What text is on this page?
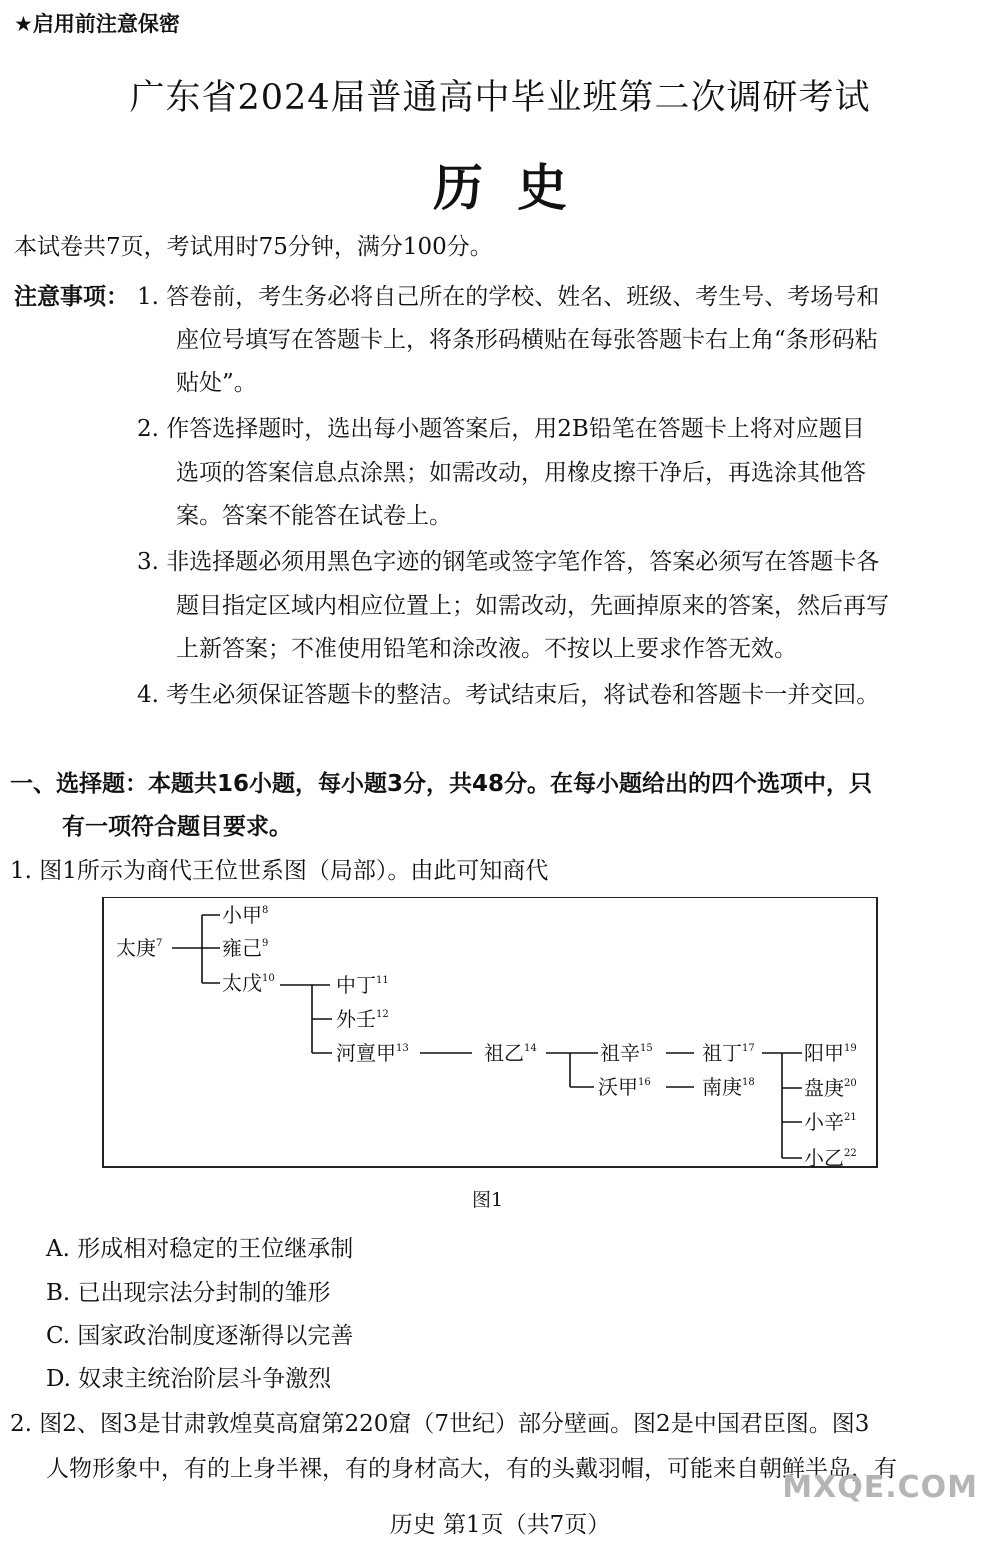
★启用前注意保密
广东省2024届普通高中毕业班第二次调研考试
历史
本试卷共7页，考试用时75分钟，满分100分。
注意事项： 1. 答卷前，考生务必将自己所在的学校、姓名、班级、考生号、考场号和
座位号填写在答题卡上，将条形码横贴在每张答题卡右上角“条形码粘
贴处”。
2. 作答选择题时，选出每小题答案后，用2B铅笔在答题卡上将对应题目
选项的答案信息点涂黑；如需改动，用橡皮擦干净后，再选涂其他答
案。答案不能答在试卷上。
3. 非选择题必须用黑色字迹的钢笔或签字笔作答，答案必须写在答题卡各
题目指定区域内相应位置上；如需改动，先画掉原来的答案，然后再写
上新答案；不准使用铅笔和涂改液。不按以上要求作答无效。
4. 考生必须保证答题卡的整洁。考试结束后，将试卷和答题卡一并交回。
一、选择题：本题共16小题，每小题3分，共48分。在每小题给出的四个选项中，只
有一项符合题目要求。
1. 图1所示为商代王位世系图（局部）。由此可知商代
太庚$^7$
小甲$^8$
雍己$^9$
太戊$^{10}$	中丁$^{11}$
外壬$^{12}$
河亶甲$^{13}$	祖乙$^{14}$	祖辛$^{15}$
沃甲$^{16}$
祖丁$^{17}$
南庚$^{18}$
阳甲$^{19}$
盘庚$^{20}$
小辛$^{21}$
小乙$^{22}$
图1
A. 形成相对稳定的王位继承制
B. 已出现宗法分封制的雏形
C. 国家政治制度逐渐得以完善
D. 奴隶主统治阶层斗争激烈
2. 图2、图3是甘肃敦煌莫高窟第220窟（7世纪）部分壁画。图2是中国君臣图。图3
人物形象中，有的上身半裸，有的身材高大，有的头戴羽帽，可能来自朝鲜半岛，有
MXQE.COM
历史 第1页（共7页）
